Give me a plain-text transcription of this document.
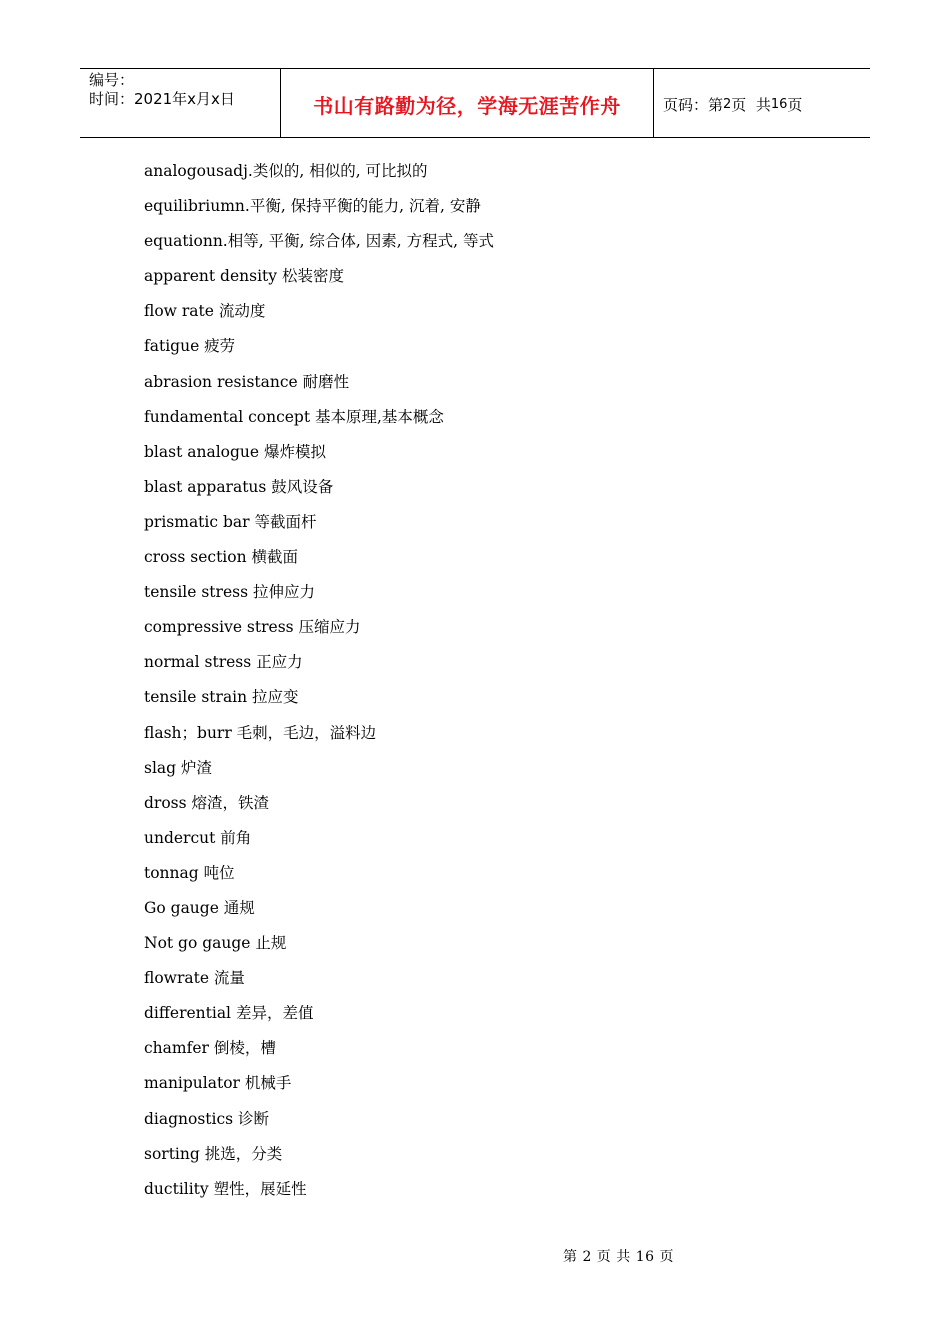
编号：
时间：2021年x月x日	书山有路勤为径，学海无涯苦作舟	页码：第 2 页  共 16 页
analogousadj.类似的, 相似的, 可比拟的
equilibriumn.平衡, 保持平衡的能力, 沉着, 安静
equationn.相等, 平衡, 综合体, 因素, 方程式, 等式
apparent density 松装密度
flow rate 流动度
fatigue 疲劳
abrasion resistance 耐磨性
fundamental concept 基本原理,基本概念
blast analogue 爆炸模拟
blast apparatus 鼓风设备
prismatic bar 等截面杆
cross section 横截面
tensile stress 拉伸应力
compressive stress 压缩应力
normal stress 正应力
tensile strain 拉应变
flash；burr 毛刺，毛边，溢料边
slag 炉渣
dross 熔渣，铁渣
undercut 前角
tonnag 吨位
Go gauge 通规
Not go gauge 止规
flowrate 流量
differential 差异，差值
chamfer 倒棱，槽
manipulator 机械手
diagnostics 诊断
sorting 挑选，分类
ductility 塑性，展延性
第 2 页 共 16 页
